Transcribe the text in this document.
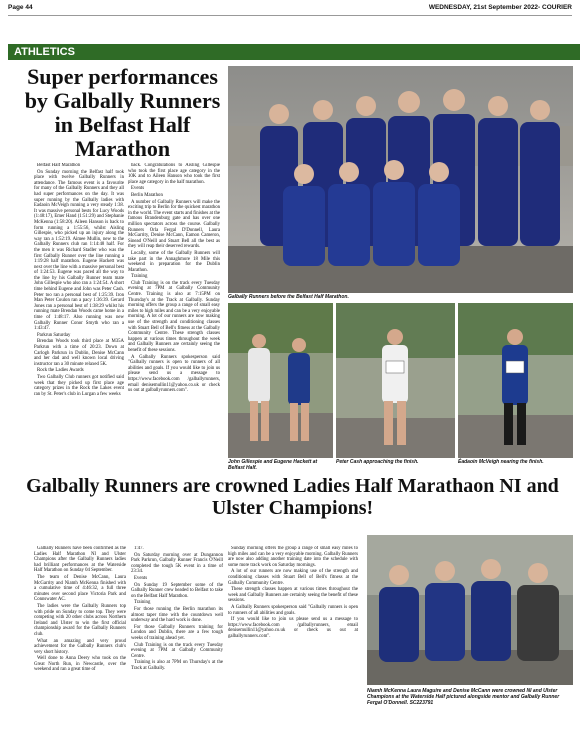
Page 44	WEDNESDAY, 21st September 2022- COURIER
ATHLETICS
Super performances by Galbally Runners in Belfast Half Marathon

Belfast Half Marathon

On Sunday morning the Belfast half took place with twelve Galbally Runners in attendance. The famous event is a favourite for many of the Galbally Runners and they all had super performances on the day. It was super running by the Galbally ladies with Eadaoin McVeigh running a very steady 1:38. It was massive personal bests for Lucy Woods (1:48:17), Emer Hand (1:51:29) and Stephanie McKenna (1:58:20). Aileen Hanson is back to form running a 1:55:56, whilst Aisling Gillespie, who picked up an injury along the way ran a 1:52:19. Aimee Mullin, new to the Galbally Runners club ran 1:14:48 half. For the men it was Richard Stadler who was the first Galbally Runner over the line running a 1:19:28 half marathon. Eugene Hackett was next over the line with a massive personal best of 1:24:53. Eugene was paced all the way to the line by his Galbally Runner team mate John Gillespie who also ran a 1:24:54. A short time behind Eugene and John was Peter Cash. Peter too ran a personal best of 1:25:39. Iron Man Peter Coulon ran a pacy 1:36:39. Gerard Jones ran a personal best of 1:38:29 whilst his running mate Brendan Woods came home in a time of 1:48:17. Also running was new Galbally Runner Conor Smyth who ran a 1:43:47.

Parkrun Saturday

Brendan Woods took third place at M35A Parkrun with a time of 20:23. Down at Carlogh Parkrun in Dublin, Denise McCann and her dad and well known local driving instructor ran a 30 minute relaxed 5K.

Rock the Ladies Awards

Two Galbally Club runners got notified said week that they picked up first place age category prizes in the Rock the Lakes event ran by St. Peter's club in Lurgan a few weeks

back. Congratulations to Aisling Gillespie who took the first place age category in the 10K and to Aileen Hanson who took the first place age category in the half marathon.

Events

Berlin Marathon

A number of Galbally Runners will make the exciting trip to Berlin for the quickest marathon in the world. The event starts and finishes at the famous Brandenburg gate and has over one million spectators across the course. Galbally Runners Orla Fergal D'Donnell, Laura McGarrity, Denise McCann, Eamon Cameron, Sinead O'Neill and Stuart Bell all the best as they will reap their deserved rewards.

Locally, some of the Galbally Runners will take part in the Annaghmore 18 Mile this weekend in preparation for the Dublin Marathon.

Training

Club Training is on the track every Tuesday evening at 7PM at Galbally Community Centre. Training is also at 7:15PM on Thursday's at the Track at Galbally. Sunday morning offers the group a range of small easy miles to high miles and can be a very enjoyable morning. A lot of our runners are now making use of the strength and conditioning classes with Stuart Bell of Bell's fitness at the Galbally Community Centre. These strength classes happen at various times throughout the week and Galbally Runners are certainly seeing the benefit of these sessions.

A Galbally Runners spokesperson said "Galbally runners is open to runners of all abilities and goals. If you would like to join us please send us a message to https://www.facebook.com /galballyrunners, email denisemullin11@yahoo.co.uk or check us out at galballyrunners.com".

Galbally Runners before the Belfast Half Marathon.
John Gillespie and Eugene Hackett at Belfast Half.
Peter Cash approaching the finish.	Éadaoin McVeigh nearing the finish.
Galbally Runners are crowned Ladies Half Marathaon NI and Ulster Champions!

Galbally Runners have been confirmed as the Ladies Half Marathon NI and Ulster Champions after the Galbally Runners ladies had brilliant performances at the Waterside Half Marathon on Sunday 04 September.

The team of Denise McCann, Laura McGarrity and Niamh McKenna finished with a cumulative time of 4:46:32, a full three minutes over second place Victoria Park and Connswater AC.

The ladies were the Galbally Runners top with pride on Sunday to come top. They were competing with 20 other clubs across Northern Ireland and Ulster to win the first official championship award for the Galbally Runners club.

What an amazing and very proud achievement for the Galbally Runners club's very short history.

Well done to Anna Deery who took on the Great North Run, in Newcastle, over the weekend and ran a great time of

1:47.

On Saturday morning over at Dungannon Park Parkrun, Galbally Runner Francis O'Neill completed the tough 5K event in a time of 23:34.

Events

On Sunday 19 September some of the Galbally Runner crew headed to Belfast to take on the Belfast Half Marathon.

Training

For those running the Berlin marathon its almost taper time with the countdown well underway and the hard work is done.

For those Galbally Runners training for London and Dublin, there are a few tough weeks of training ahead yet.

Club Training is on the track every Tuesday evening at 7PM at Galbally Community Centre.

Training is also at 7PM on Thursday's at the Track at Galbally.

Sunday morning offers the group a range of small easy miles to high miles and can be a very enjoyable morning. Galbally Runners are now also adding another training date into the schedule with some more track work on Saturday mornings.

A lot of our runners are now making use of the strength and conditioning classes with Stuart Bell of Bell's fitness at the Galbally Community Centre.

These strength classes happen at various times throughout the week and Galbally Runners are certainly seeing the benefit of these sessions.

A Galbally Runners spokesperson said "Galbally runners is open to runners of all abilities and goals.

If you would like to join us please send us a message to https://www.facebook.com /galballyrunners, email denisemullin11@yahoo.co.uk or check us out at galballyrunners.com".

Niamh McKenna Laura Maguire and Denise McCann were crowned NI and Ulster Champions at the Waterside Half pictured alongside mentor and Galbally Runner Fergal O'Donnell. SC223791
